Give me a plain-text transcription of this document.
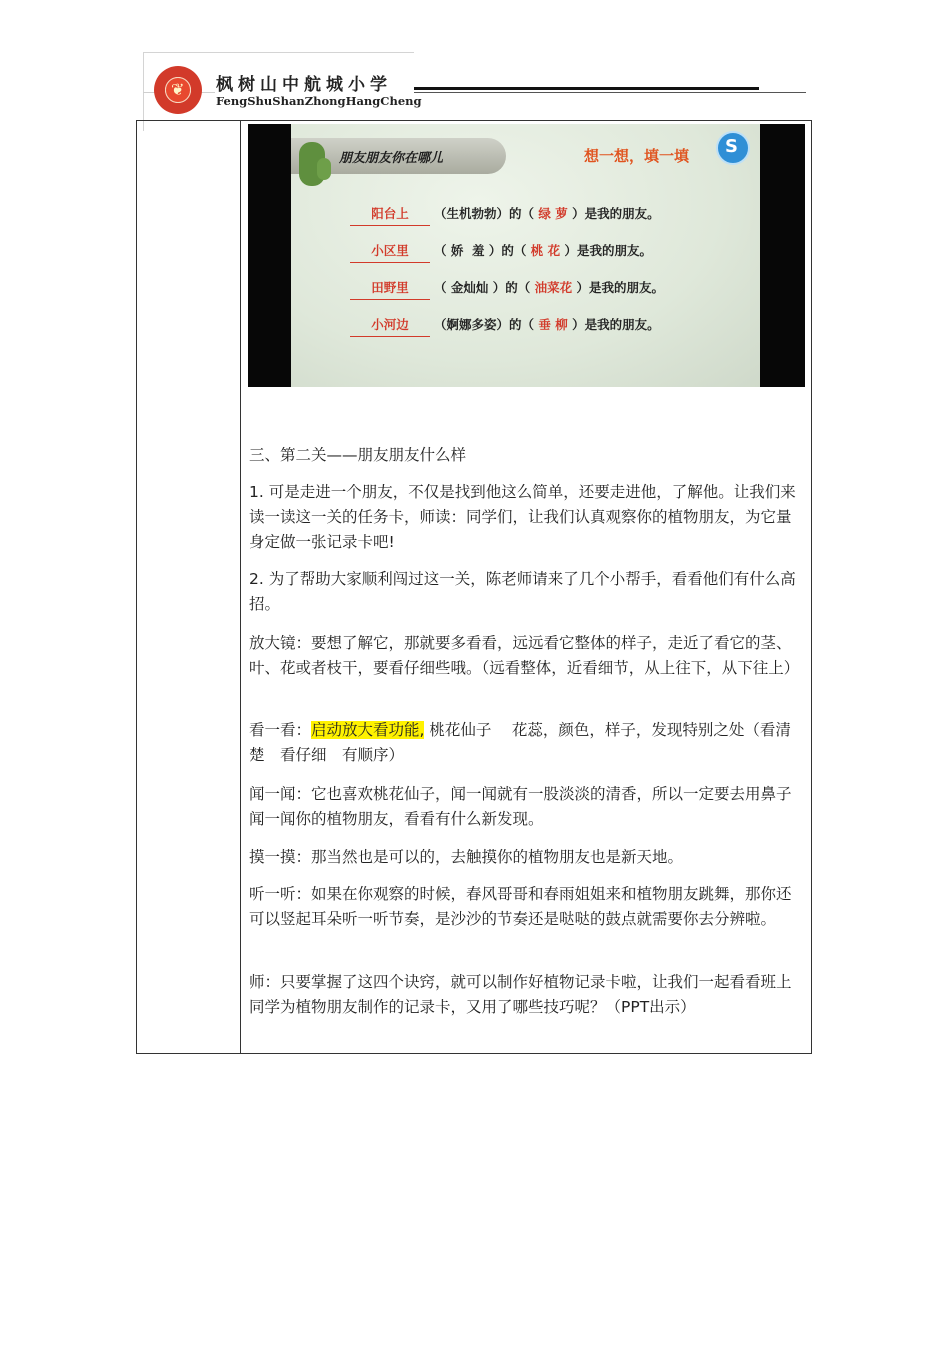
❦ 枫树山中航城小学
FengShuShanZhongHangCheng
朋友朋友你在哪儿	想一想，填一填 S
阳台上	（生机勃勃）的（ 绿 萝 ）是我的朋友。
小区里	（ 娇  羞 ）的（ 桃 花 ）是我的朋友。
田野里	（ 金灿灿 ）的（ 油菜花 ）是我的朋友。
小河边	（婀娜多姿）的（ 垂 柳 ）是我的朋友。
三、第二关——朋友朋友什么样
1. 可是走进一个朋友，不仅是找到他这么简单，还要走进他，了解他。让我们来读一读这一关的任务卡，师读：同学们，让我们认真观察你的植物朋友，为它量身定做一张记录卡吧!
2. 为了帮助大家顺利闯过这一关，陈老师请来了几个小帮手，看看他们有什么高招。
放大镜：要想了解它，那就要多看看，远远看它整体的样子，走近了看它的茎、叶、花或者枝干，要看仔细些哦。（远看整体，近看细节，从上往下，从下往上）
看一看：启动放大看功能, 桃花仙子　 花蕊，颜色，样子，发现特别之处（看清楚　看仔细　有顺序）
闻一闻：它也喜欢桃花仙子，闻一闻就有一股淡淡的清香，所以一定要去用鼻子闻一闻你的植物朋友，看看有什么新发现。
摸一摸：那当然也是可以的，去触摸你的植物朋友也是新天地。
听一听：如果在你观察的时候，春风哥哥和春雨姐姐来和植物朋友跳舞，那你还可以竖起耳朵听一听节奏，是沙沙的节奏还是哒哒的鼓点就需要你去分辨啦。
师：只要掌握了这四个诀窍，就可以制作好植物记录卡啦，让我们一起看看班上同学为植物朋友制作的记录卡，又用了哪些技巧呢？（PPT出示）
